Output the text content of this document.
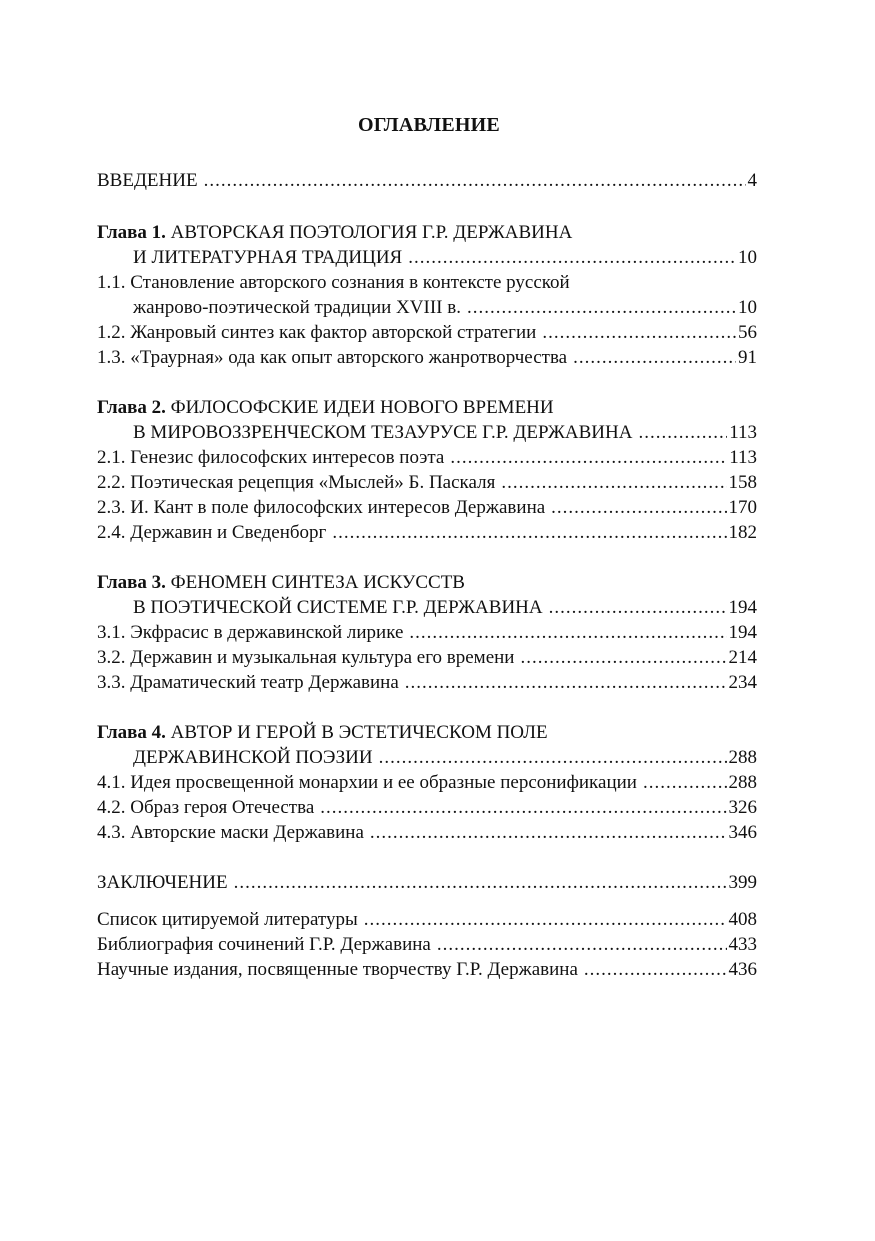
ОГЛАВЛЕНИЕ
ВВЕДЕНИЕ .....	4
Глава 1. АВТОРСКАЯ ПОЭТОЛОГИЯ Г.Р. ДЕРЖАВИНА
И ЛИТЕРАТУРНАЯ ТРАДИЦИЯ .....	10
1.1. Становление авторского сознания в контексте русской
жанрово-поэтической традиции XVIII в. .....	10
1.2. Жанровый синтез как фактор авторской стратегии .....	56
1.3. «Траурная» ода как опыт авторского жанротворчества .....	91
Глава 2. ФИЛОСОФСКИЕ ИДЕИ НОВОГО ВРЕМЕНИ
В МИРОВОЗЗРЕНЧЕСКОМ ТЕЗАУРУСЕ Г.Р. ДЕРЖАВИНА .....	113
2.1. Генезис философских интересов поэта .....	113
2.2. Поэтическая рецепция «Мыслей» Б. Паскаля .....	158
2.3. И. Кант в поле философских интересов Державина .....	170
2.4. Державин и Сведенборг .....	182
Глава 3. ФЕНОМЕН СИНТЕЗА ИСКУССТВ
В ПОЭТИЧЕСКОЙ СИСТЕМЕ Г.Р. ДЕРЖАВИНА .....	194
3.1. Экфрасис в державинской лирике .....	194
3.2. Державин и музыкальная культура его времени .....	214
3.3. Драматический театр Державина .....	234
Глава 4. АВТОР И ГЕРОЙ В ЭСТЕТИЧЕСКОМ ПОЛЕ
ДЕРЖАВИНСКОЙ ПОЭЗИИ .....	288
4.1. Идея просвещенной монархии и ее образные персонификации .....	288
4.2. Образ героя Отечества .....	326
4.3. Авторские маски Державина .....	346
ЗАКЛЮЧЕНИЕ .....	399
Список цитируемой литературы .....	408
Библиография сочинений Г.Р. Державина .....	433
Научные издания, посвященные творчеству Г.Р. Державина .....	436
